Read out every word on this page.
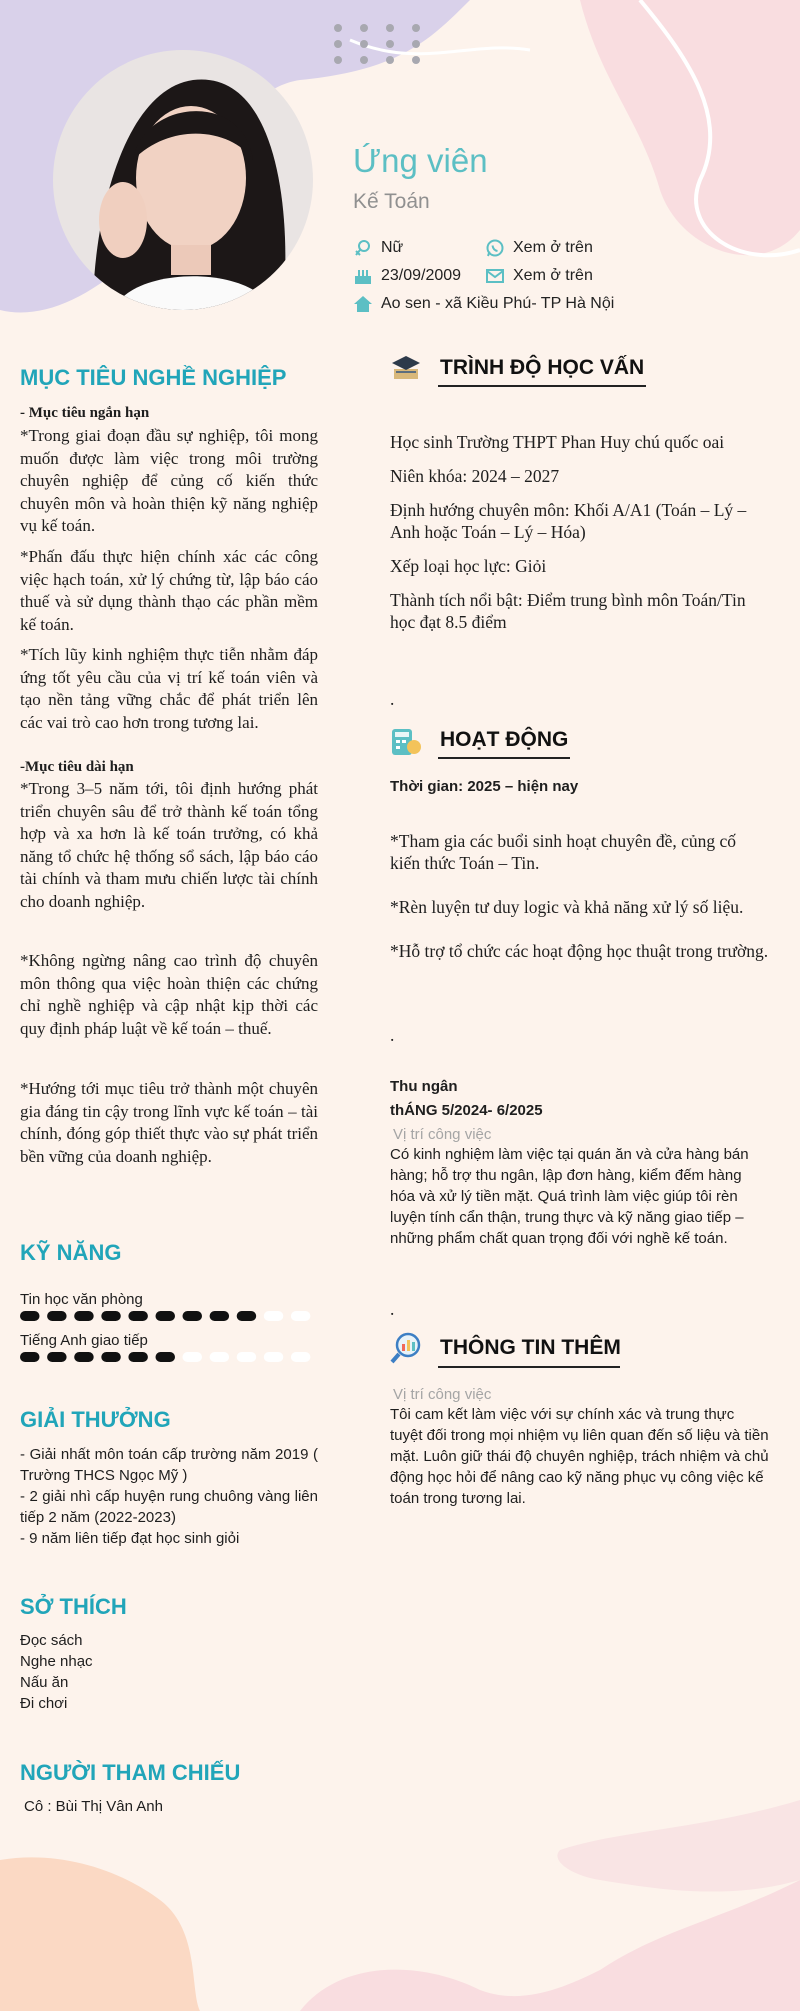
Ứng viên
Kế Toán
Nữ	Xem ở trên
23/09/2009	Xem ở trên
Ao sen - xã Kiều Phú- TP Hà Nội
MỤC TIÊU NGHỀ NGHIỆP
- Mục tiêu ngắn hạn
*Trong giai đoạn đầu sự nghiệp, tôi mong muốn được làm việc trong môi trường chuyên nghiệp để củng cố kiến thức chuyên môn và hoàn thiện kỹ năng nghiệp vụ kế toán.
*Phấn đấu thực hiện chính xác các công việc hạch toán, xử lý chứng từ, lập báo cáo thuế và sử dụng thành thạo các phần mềm kế toán.
*Tích lũy kinh nghiệm thực tiễn nhằm đáp ứng tốt yêu cầu của vị trí kế toán viên và tạo nền tảng vững chắc để phát triển lên các vai trò cao hơn trong tương lai.
-Mục tiêu dài hạn
*Trong 3–5 năm tới, tôi định hướng phát triển chuyên sâu để trở thành kế toán tổng hợp và xa hơn là kế toán trưởng, có khả năng tổ chức hệ thống sổ sách, lập báo cáo tài chính và tham mưu chiến lược tài chính cho doanh nghiệp.
*Không ngừng nâng cao trình độ chuyên môn thông qua việc hoàn thiện các chứng chỉ nghề nghiệp và cập nhật kịp thời các quy định pháp luật về kế toán – thuế.
*Hướng tới mục tiêu trở thành một chuyên gia đáng tin cậy trong lĩnh vực kế toán – tài chính, đóng góp thiết thực vào sự phát triển bền vững của doanh nghiệp.
KỸ NĂNG
Tin học văn phòng
Tiếng Anh giao tiếp
GIẢI THƯỞNG
- Giải nhất môn toán cấp trường năm 2019 ( Trường THCS Ngọc Mỹ )
- 2 giải nhì cấp huyện rung chuông vàng liên tiếp 2 năm (2022-2023)
- 9 năm liên tiếp đạt học sinh giỏi
SỞ THÍCH
Đọc sách
Nghe nhạc
Nấu ăn
Đi chơi
NGƯỜI THAM CHIẾU
Cô : Bùi Thị Vân Anh
TRÌNH ĐỘ HỌC VẤN
Học sinh Trường THPT Phan Huy chú quốc oai
Niên khóa: 2024 – 2027
Định hướng chuyên môn: Khối A/A1 (Toán – Lý – Anh hoặc Toán – Lý – Hóa)
Xếp loại học lực: Giỏi
Thành tích nổi bật: Điểm trung bình môn Toán/Tin học đạt 8.5 điểm
.
HOẠT ĐỘNG
Thời gian: 2025 – hiện nay
*Tham gia các buổi sinh hoạt chuyên đề, củng cố kiến thức Toán – Tin.
*Rèn luyện tư duy logic và khả năng xử lý số liệu.
*Hỗ trợ tổ chức các hoạt động học thuật trong trường.
.
Thu ngân
thÁNG 5/2024- 6/2025
Vị trí công việc
Có kinh nghiệm làm việc tại quán ăn và cửa hàng bán hàng; hỗ trợ thu ngân, lập đơn hàng, kiểm đếm hàng hóa và xử lý tiền mặt. Quá trình làm việc giúp tôi rèn luyện tính cẩn thận, trung thực và kỹ năng giao tiếp – những phẩm chất quan trọng đối với nghề kế toán.
.
THÔNG TIN THÊM
Vị trí công việc
Tôi cam kết làm việc với sự chính xác và trung thực tuyệt đối trong mọi nhiệm vụ liên quan đến số liệu và tiền mặt. Luôn giữ thái độ chuyên nghiệp, trách nhiệm và chủ động học hỏi để nâng cao kỹ năng phục vụ công việc kế toán trong tương lai.
